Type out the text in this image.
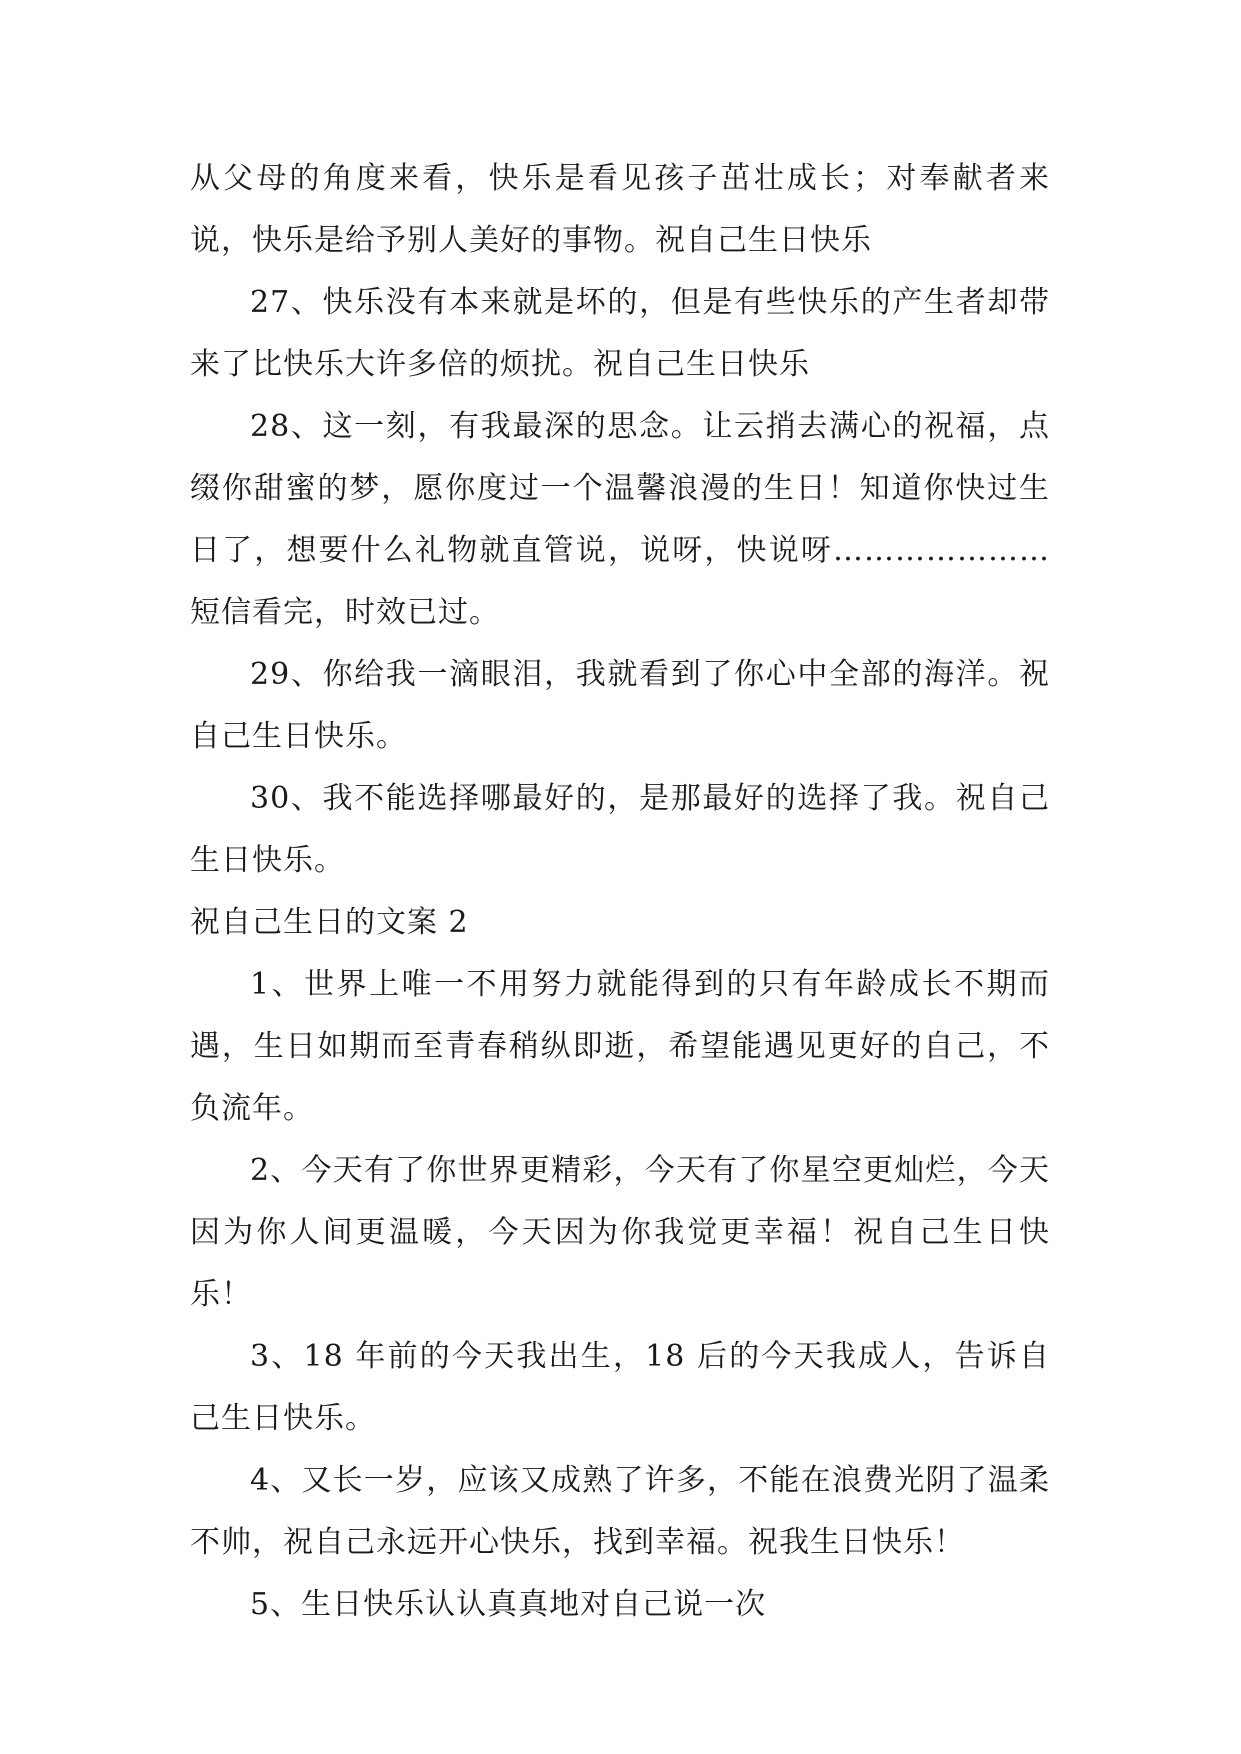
从父母的角度来看，快乐是看见孩子茁壮成长；对奉献者来说，快乐是给予别人美好的事物。祝自己生日快乐

27、快乐没有本来就是坏的，但是有些快乐的产生者却带来了比快乐大许多倍的烦扰。祝自己生日快乐

28、这一刻，有我最深的思念。让云捎去满心的祝福，点缀你甜蜜的梦，愿你度过一个温馨浪漫的生日！知道你快过生日了，想要什么礼物就直管说，说呀，快说呀…………………短信看完，时效已过。

29、你给我一滴眼泪，我就看到了你心中全部的海洋。祝自己生日快乐。

30、我不能选择哪最好的，是那最好的选择了我。祝自己生日快乐。

祝自己生日的文案 2

1、世界上唯一不用努力就能得到的只有年龄成长不期而遇，生日如期而至青春稍纵即逝，希望能遇见更好的自己，不负流年。

2、今天有了你世界更精彩，今天有了你星空更灿烂，今天因为你人间更温暖，今天因为你我觉更幸福！祝自己生日快乐！

3、18 年前的今天我出生，18 后的今天我成人，告诉自己生日快乐。

4、又长一岁，应该又成熟了许多，不能在浪费光阴了温柔不帅，祝自己永远开心快乐，找到幸福。祝我生日快乐！

5、生日快乐认认真真地对自己说一次
